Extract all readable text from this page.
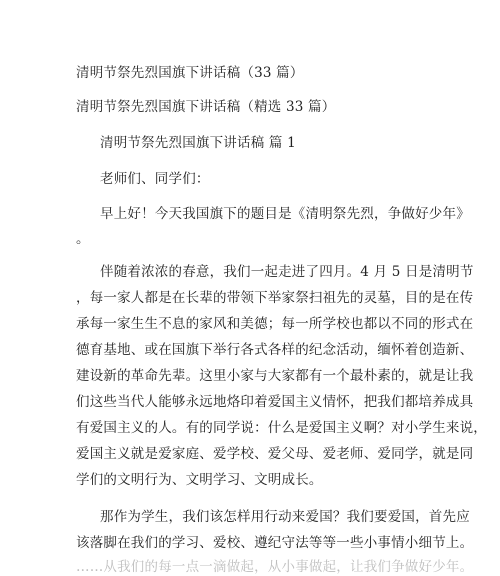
清明节祭先烈国旗下讲话稿（33 篇）
清明节祭先烈国旗下讲话稿（精选 33 篇）
清明节祭先烈国旗下讲话稿 篇 1
老师们、同学们：
早上好！今天我国旗下的题目是《清明祭先烈，争做好少年》
。
伴随着浓浓的春意，我们一起走进了四月。4 月 5 日是清明节
，每一家人都是在长辈的带领下举家祭扫祖先的灵墓，目的是在传
承每一家生生不息的家风和美德；每一所学校也都以不同的形式在
德育基地、或在国旗下举行各式各样的纪念活动，缅怀着创造新、
建设新的革命先辈。这里小家与大家都有一个最朴素的，就是让我
们这些当代人能够永远地烙印着爱国主义情怀，把我们都培养成具
有爱国主义的人。有的同学说：什么是爱国主义啊？对小学生来说，
爱国主义就是爱家庭、爱学校、爱父母、爱老师、爱同学，就是同
学们的文明行为、文明学习、文明成长。
那作为学生，我们该怎样用行动来爱国？我们要爱国，首先应
该落脚在我们的学习、爱校、遵纪守法等等一些小事情小细节上。
……从我们的每一点一滴做起，从小事做起，让我们争做好少年。
